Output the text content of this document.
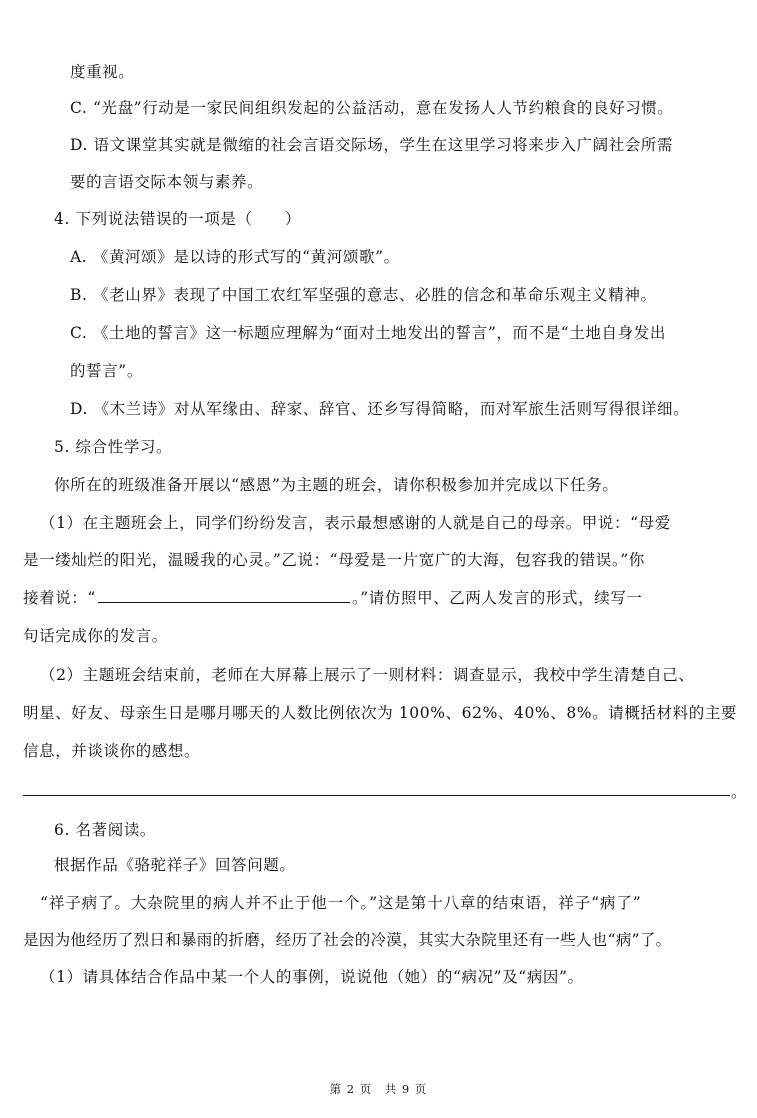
度重视。
C. “光盘”行动是一家民间组织发起的公益活动，意在发扬人人节约粮食的良好习惯。
D. 语文课堂其实就是微缩的社会言语交际场，学生在这里学习将来步入广阔社会所需
要的言语交际本领与素养。
4. 下列说法错误的一项是（　　）
A. 《黄河颂》是以诗的形式写的“黄河颂歌”。
B. 《老山界》表现了中国工农红军坚强的意志、必胜的信念和革命乐观主义精神。
C. 《土地的誓言》这一标题应理解为“面对土地发出的誓言”，而不是“土地自身发出
的誓言”。
D. 《木兰诗》对从军缘由、辞家、辞官、还乡写得简略，而对军旅生活则写得很详细。
5. 综合性学习。
你所在的班级准备开展以“感恩”为主题的班会，请你积极参加并完成以下任务。
（1）在主题班会上，同学们纷纷发言，表示最想感谢的人就是自己的母亲。甲说：“母爱
是一缕灿烂的阳光，温暖我的心灵。”乙说：“母爱是一片宽广的大海，包容我的错误。”你
接着说：“	。”请仿照甲、乙两人发言的形式，续写一
句话完成你的发言。
（2）主题班会结束前，老师在大屏幕上展示了一则材料：调查显示，我校中学生清楚自己、
明星、好友、母亲生日是哪月哪天的人数比例依次为 100%、62%、40%、8%。请概括材料的主要
信息，并谈谈你的感想。
。
6. 名著阅读。
根据作品《骆驼祥子》回答问题。
“祥子病了。大杂院里的病人并不止于他一个。”这是第十八章的结束语，祥子“病了”
是因为他经历了烈日和暴雨的折磨，经历了社会的冷漠，其实大杂院里还有一些人也“病”了。
（1）请具体结合作品中某一个人的事例，说说他（她）的“病况”及“病因”。
第 2 页　共 9 页
